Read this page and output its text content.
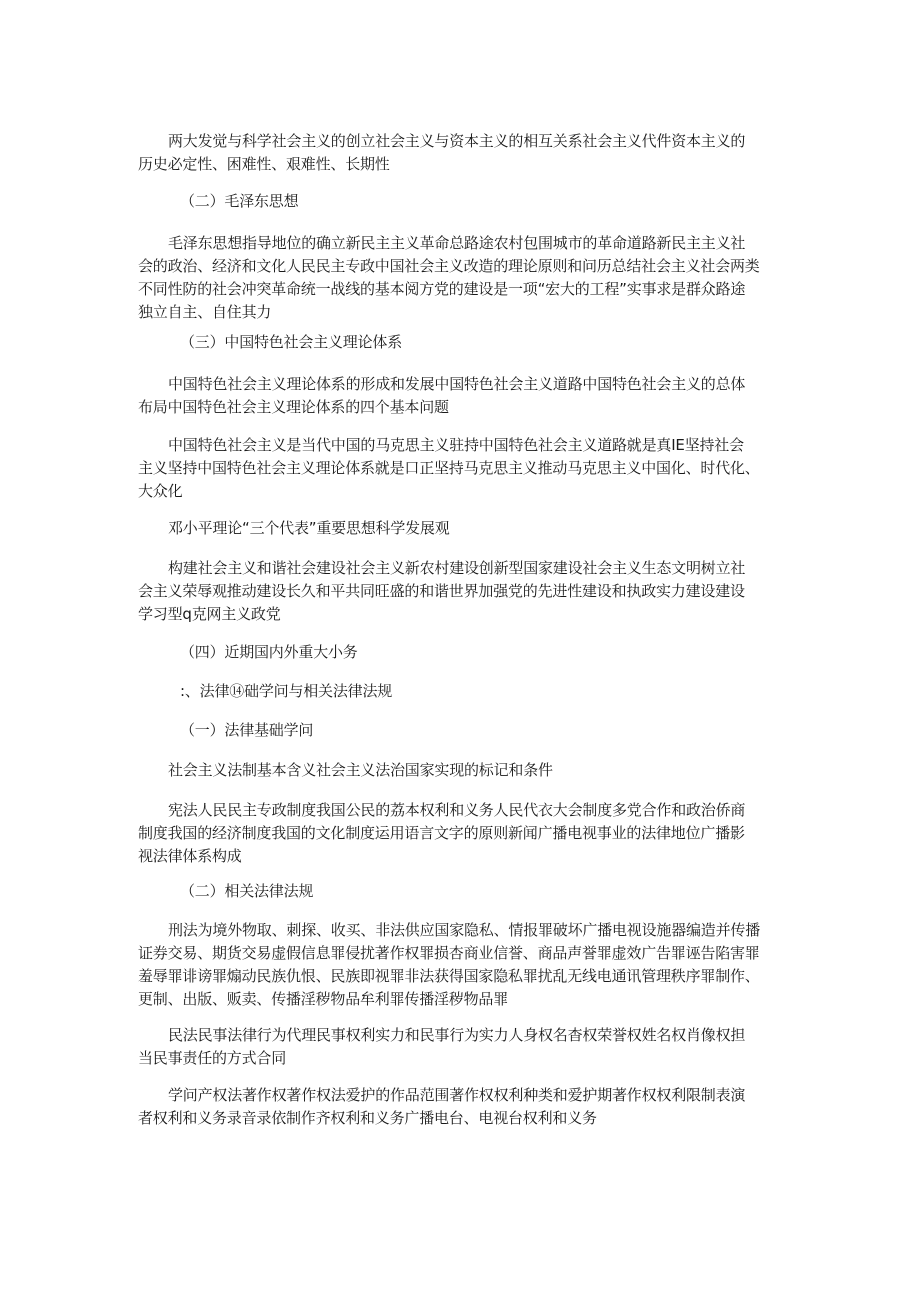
两大发觉与科学社会主义的创立社会主义与资本主义的相互关系社会主义代件资本主义的
历史必定性、困难性、艰难性、长期性
（二）毛泽东思想
毛泽东思想指导地位的确立新民主主义革命总路途农村包围城市的革命道路新民主主义社
会的政治、经济和文化人民民主专政中国社会主义改造的理论原则和问历总结社会主义社会两类
不同性防的社会冲突革命统一战线的基本阅方党的建设是一项“宏大的工程”实事求是群众路途
独立自主、自住其力
（三）中国特色社会主义理论体系
中国特色社会主义理论体系的形成和发展中国特色社会主义道路中国特色社会主义的总体
布局中国特色社会主义理论体系的四个基本问题
中国特色社会主义是当代中国的马克思主义驻持中国特色社会主义道路就是真IE坚持社会
主义坚持中国特色社会主义理论体系就是口正坚持马克思主义推动马克思主义中国化、时代化、
大众化
邓小平理论“三个代表”重要思想科学发展观
构建社会主义和谐社会建设社会主义新农村建设创新型国家建设社会主义生态文明树立社
会主义荣辱观推动建设长久和平共同旺盛的和谐世界加强党的先进性建设和执政实力建设建设
学习型q克网主义政党
（四）近期国内外重大小务
:、法律⑭础学问与相关法律法规
（一）法律基础学问
社会主义法制基本含义社会主义法治国家实现的标记和条件
宪法人民民主专政制度我国公民的荔本权利和义务人民代衣大会制度多党合作和政治侨商
制度我国的经济制度我国的文化制度运用语言文字的原则新闻广播电视事业的法律地位广播影
视法律体系构成
（二）相关法律法规
刑法为境外物取、刺探、收买、非法供应国家隐私、情报罪破坏广播电视设施器编造并传播
证券交易、期货交易虚假信息罪侵扰著作权罪损杏商业信誉、商品声誉罪虚效广告罪诬告陷害罪
羞辱罪诽谤罪煽动民族仇恨、民族即视罪非法获得国家隐私罪扰乱无线电通讯管理秩序罪制作、
更制、出版、贩卖、传播淫秽物品牟利罪传播淫秽物品罪
民法民事法律行为代理民事权利实力和民事行为实力人身权名杳权荣誉权姓名权肖像权担
当民事责任的方式合同
学问产权法著作权著作权法爱护的作品范围著作权权利种类和爱护期著作权权利限制表演
者权利和义务录音录依制作齐权利和义务广播电台、电视台权利和义务
